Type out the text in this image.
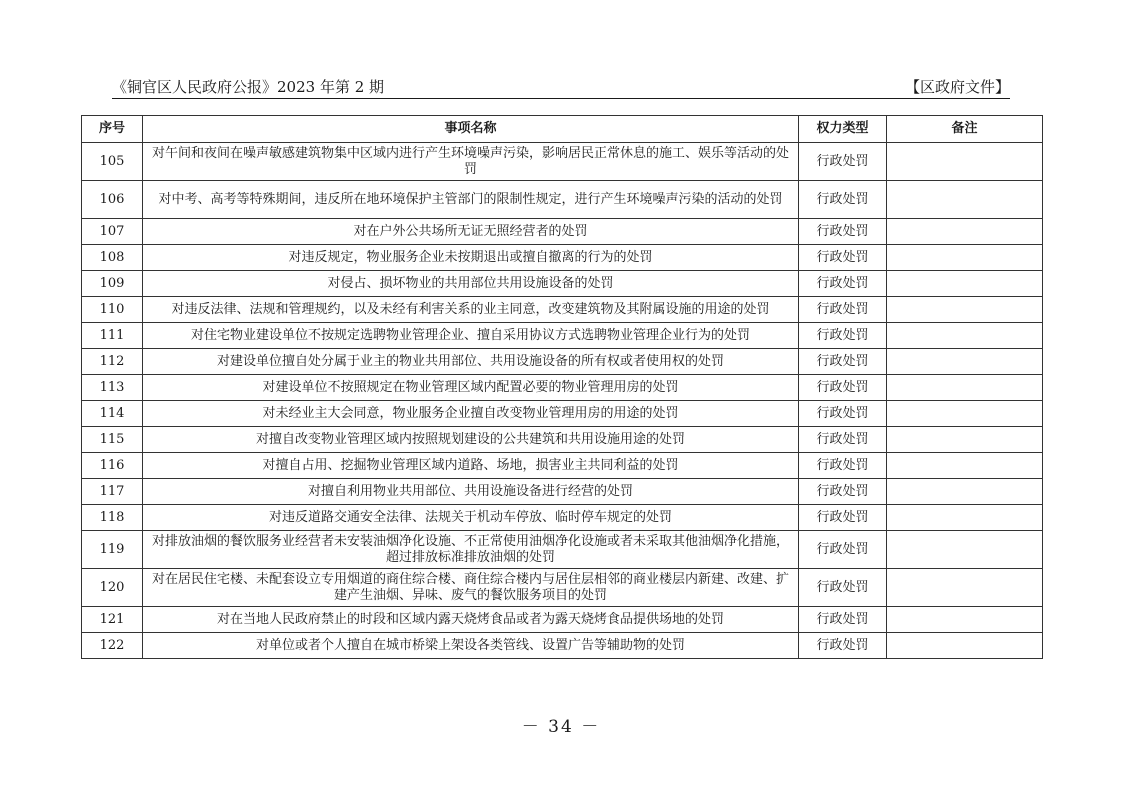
《铜官区人民政府公报》2023 年第 2 期	【区政府文件】
序号	事项名称	权力类型	备注
105	对午间和夜间在噪声敏感建筑物集中区域内进行产生环境噪声污染，影响居民正常休息的施工、娱乐等活动的处罚	行政处罚	
106	对中考、高考等特殊期间，违反所在地环境保护主管部门的限制性规定，进行产生环境噪声污染的活动的处罚	行政处罚	
107	对在户外公共场所无证无照经营者的处罚	行政处罚	
108	对违反规定，物业服务企业未按期退出或擅自撤离的行为的处罚	行政处罚	
109	对侵占、损坏物业的共用部位共用设施设备的处罚	行政处罚	
110	对违反法律、法规和管理规约，以及未经有利害关系的业主同意，改变建筑物及其附属设施的用途的处罚	行政处罚	
111	对住宅物业建设单位不按规定选聘物业管理企业、擅自采用协议方式选聘物业管理企业行为的处罚	行政处罚	
112	对建设单位擅自处分属于业主的物业共用部位、共用设施设备的所有权或者使用权的处罚	行政处罚	
113	对建设单位不按照规定在物业管理区域内配置必要的物业管理用房的处罚	行政处罚	
114	对未经业主大会同意，物业服务企业擅自改变物业管理用房的用途的处罚	行政处罚	
115	对擅自改变物业管理区域内按照规划建设的公共建筑和共用设施用途的处罚	行政处罚	
116	对擅自占用、挖掘物业管理区域内道路、场地，损害业主共同利益的处罚	行政处罚	
117	对擅自利用物业共用部位、共用设施设备进行经营的处罚	行政处罚	
118	对违反道路交通安全法律、法规关于机动车停放、临时停车规定的处罚	行政处罚	
119	对排放油烟的餐饮服务业经营者未安装油烟净化设施、不正常使用油烟净化设施或者未采取其他油烟净化措施，超过排放标准排放油烟的处罚	行政处罚	
120	对在居民住宅楼、未配套设立专用烟道的商住综合楼、商住综合楼内与居住层相邻的商业楼层内新建、改建、扩建产生油烟、异味、废气的餐饮服务项目的处罚	行政处罚	
121	对在当地人民政府禁止的时段和区域内露天烧烤食品或者为露天烧烤食品提供场地的处罚	行政处罚	
122	对单位或者个人擅自在城市桥梁上架设各类管线、设置广告等辅助物的处罚	行政处罚	
－ 34 －
